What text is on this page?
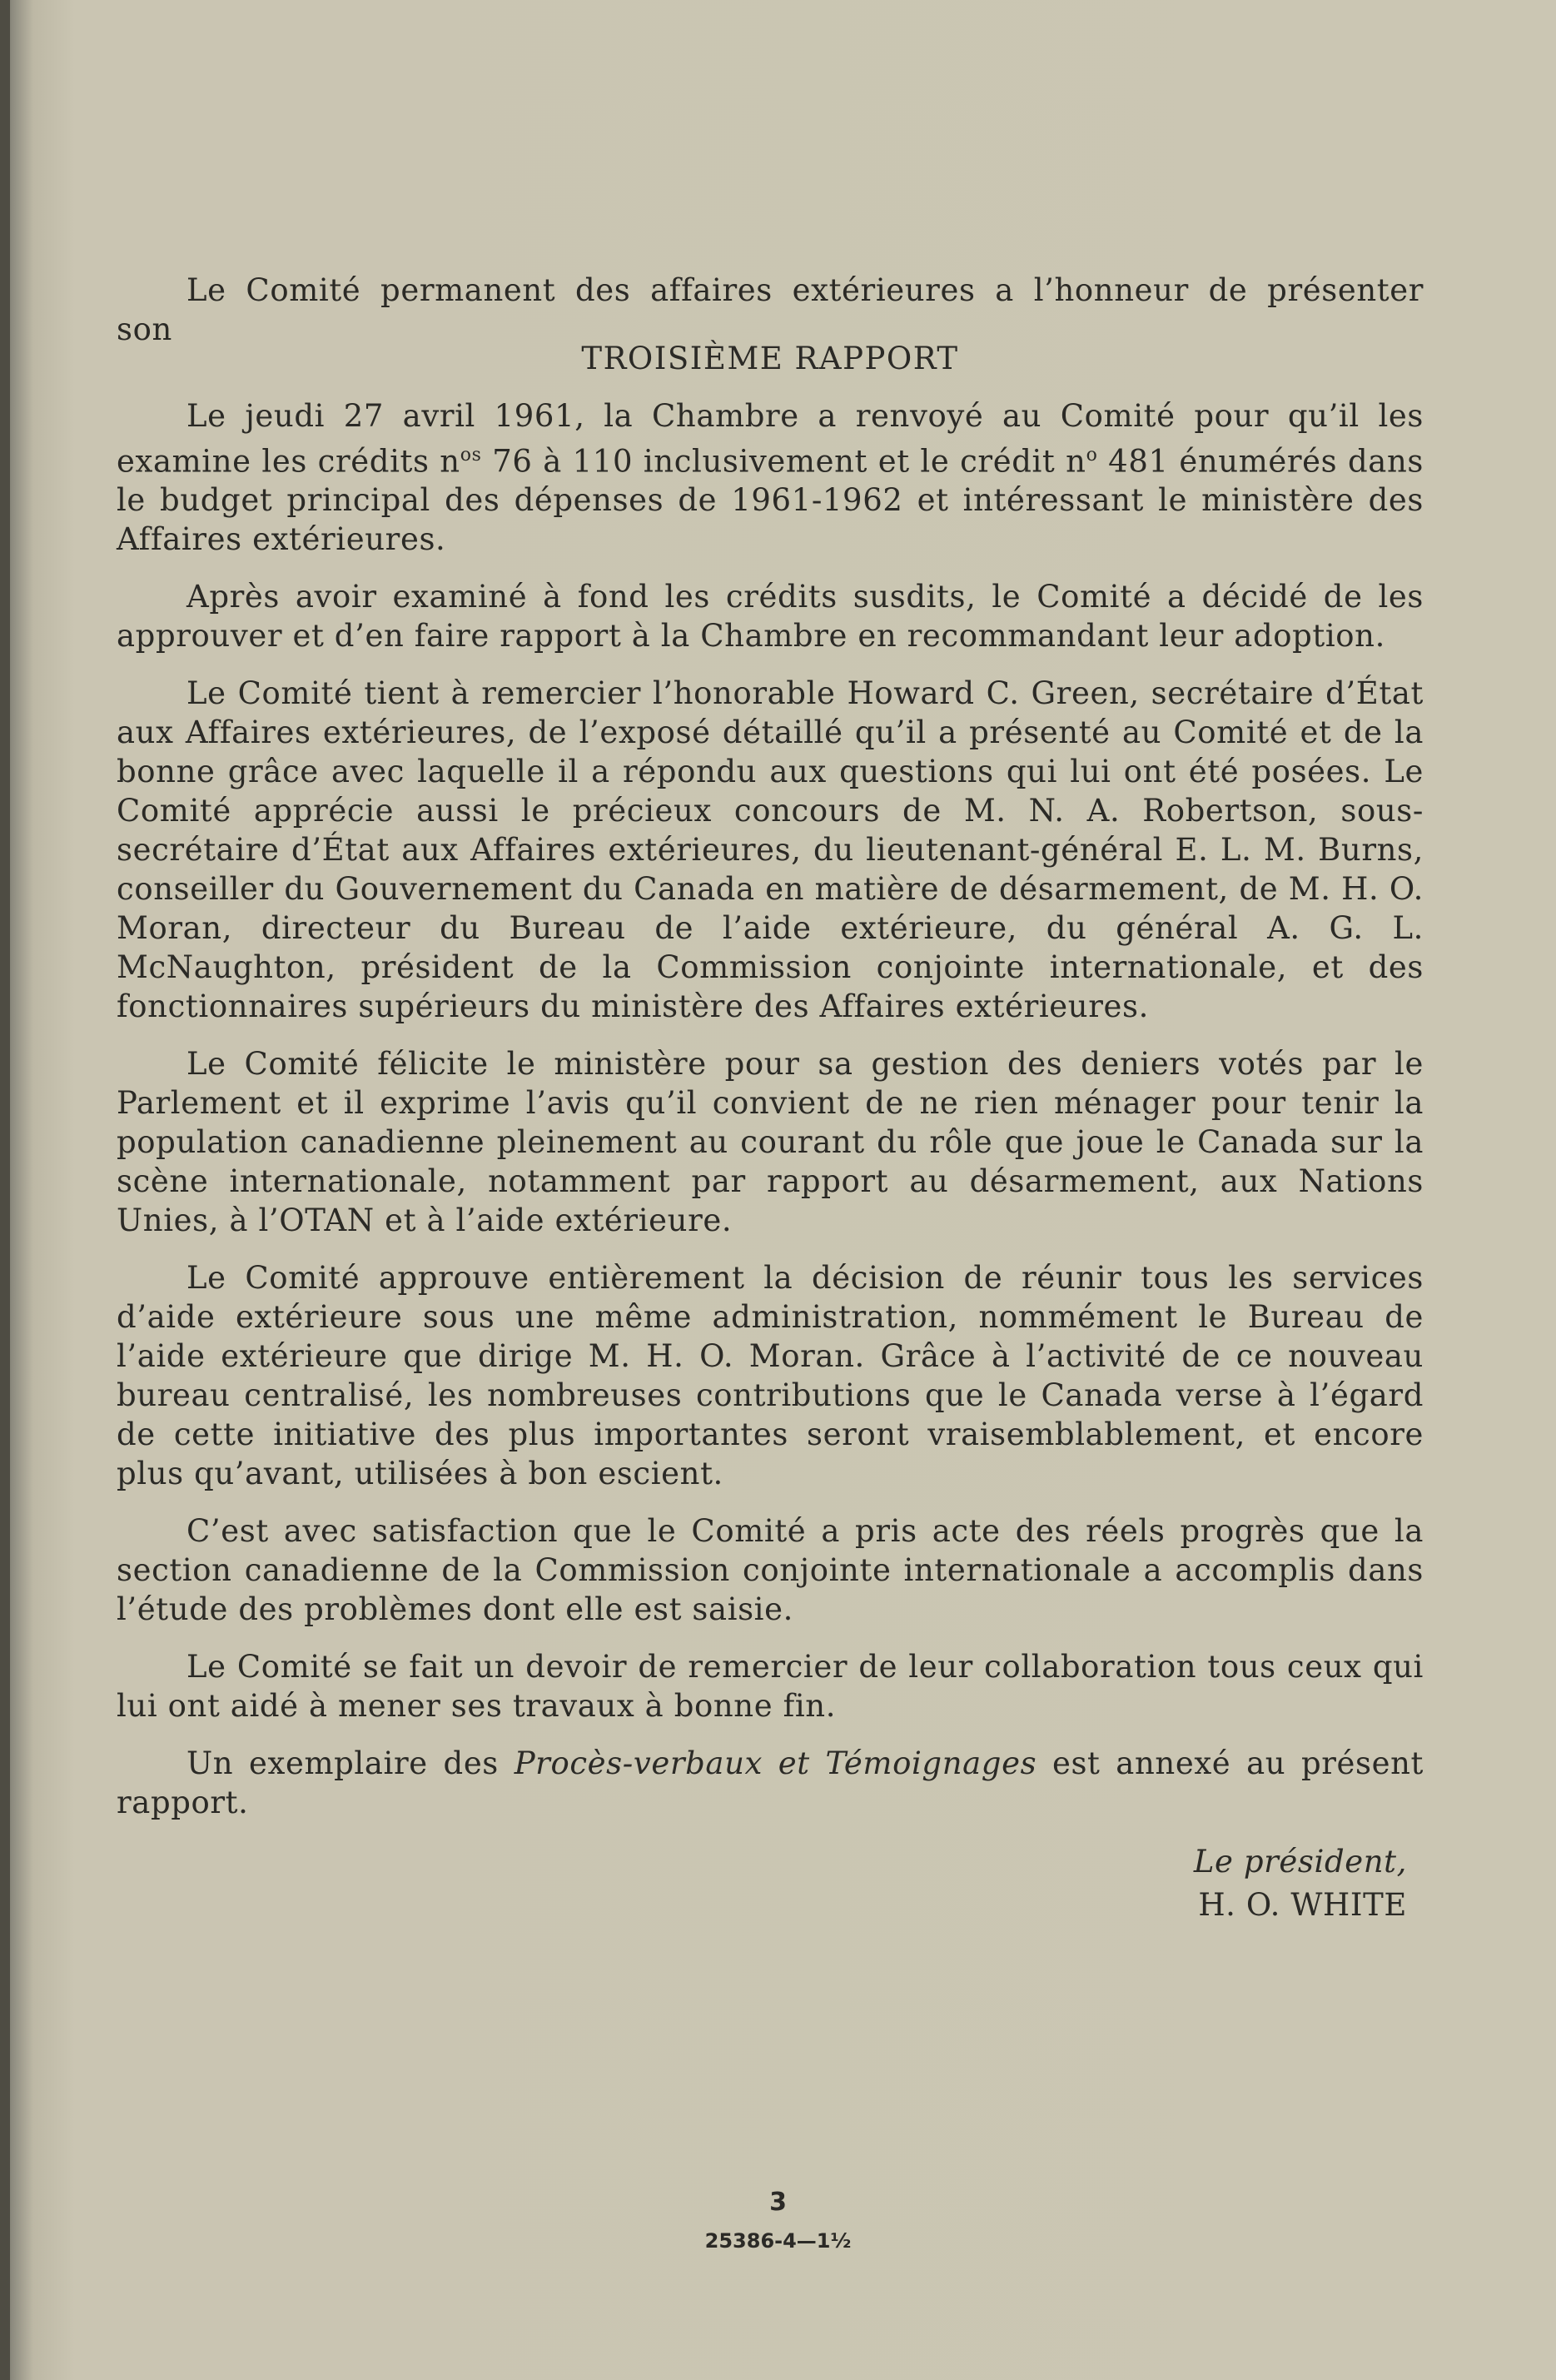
Le Comité permanent des affaires extérieures a l’honneur de présenter

son

TROISIÈME RAPPORT

Le jeudi 27 avril 1961, la Chambre a renvoyé au Comité pour qu’il les examine les crédits $n^{os}$ 76 à 110 inclusivement et le crédit $n^o$ 481 énumérés dans le budget principal des dépenses de 1961-1962 et intéressant le ministère des Affaires extérieures.

Après avoir examiné à fond les crédits susdits, le Comité a décidé de les approuver et d’en faire rapport à la Chambre en recommandant leur adoption.

Le Comité tient à remercier l’honorable Howard C. Green, secrétaire d’État aux Affaires extérieures, de l’exposé détaillé qu’il a présenté au Comité et de la bonne grâce avec laquelle il a répondu aux questions qui lui ont été posées. Le Comité apprécie aussi le précieux concours de M. N. A. Robertson, sous-secrétaire d’État aux Affaires extérieures, du lieutenant-général E. L. M. Burns, conseiller du Gouvernement du Canada en matière de désarmement, de M. H. O. Moran, directeur du Bureau de l’aide extérieure, du général A. G. L. McNaughton, président de la Commission conjointe internationale, et des fonctionnaires supérieurs du ministère des Affaires extérieures.

Le Comité félicite le ministère pour sa gestion des deniers votés par le Parlement et il exprime l’avis qu’il convient de ne rien ménager pour tenir la population canadienne pleinement au courant du rôle que joue le Canada sur la scène internationale, notamment par rapport au désarmement, aux Nations Unies, à l’OTAN et à l’aide extérieure.

Le Comité approuve entièrement la décision de réunir tous les services d’aide extérieure sous une même administration, nommément le Bureau de l’aide extérieure que dirige M. H. O. Moran. Grâce à l’activité de ce nouveau bureau centralisé, les nombreuses contributions que le Canada verse à l’égard de cette initiative des plus importantes seront vraisemblablement, et encore plus qu’avant, utilisées à bon escient.

C’est avec satisfaction que le Comité a pris acte des réels progrès que la section canadienne de la Commission conjointe internationale a accomplis dans l’étude des problèmes dont elle est saisie.

Le Comité se fait un devoir de remercier de leur collaboration tous ceux qui lui ont aidé à mener ses travaux à bonne fin.

Un exemplaire des Procès-verbaux et Témoignages est annexé au présent rapport.

Le président,
H. O. WHITE
3
25386-4—1½
